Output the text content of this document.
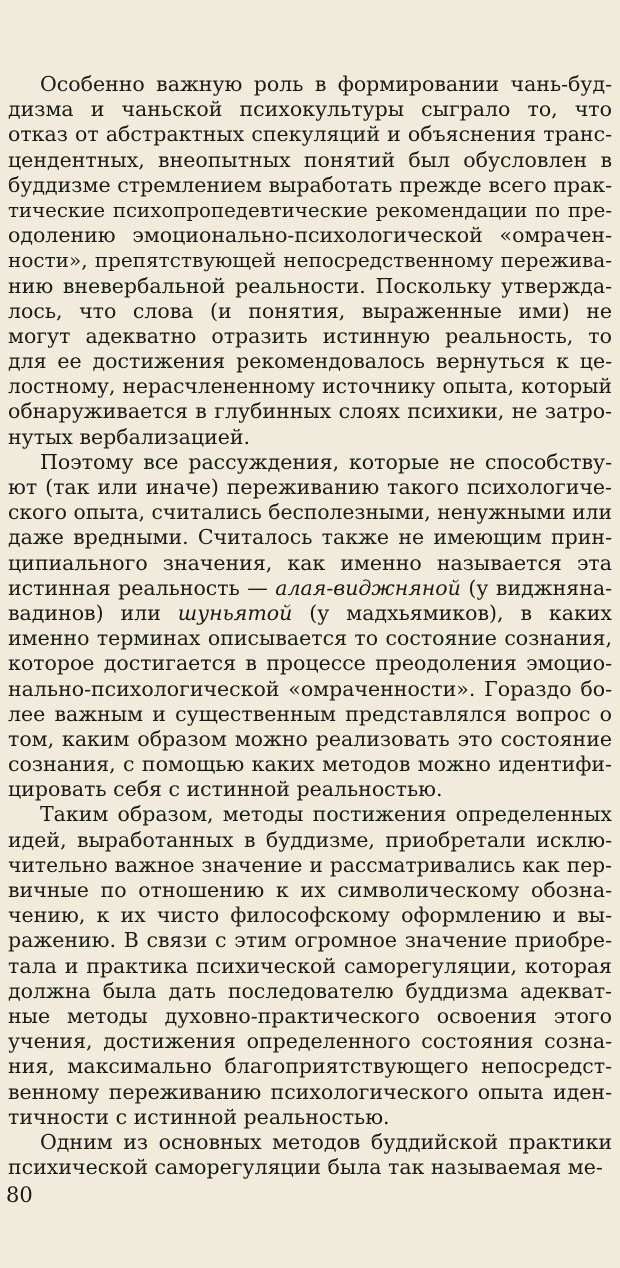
Особенно важную роль в формировании чань-буд-
дизма и чаньской психокультуры сыграло то, что
отказ от абстрактных спекуляций и объяснения транс-
цендентных, внеопытных понятий был обусловлен в
буддизме стремлением выработать прежде всего прак-
тические психопропедевтические рекомендации по пре-
одолению эмоционально-психологической «омрачен-
ности», препятствующей непосредственному пережива-
нию вневербальной реальности. Поскольку утвержда-
лось, что слова (и понятия, выраженные ими) не
могут адекватно отразить истинную реальность, то
для ее достижения рекомендовалось вернуться к це-
лостному, нерасчлененному источнику опыта, который
обнаруживается в глубинных слоях психики, не затро-
нутых вербализацией.
Поэтому все рассуждения, которые не способству-
ют (так или иначе) переживанию такого психологиче-
ского опыта, считались бесполезными, ненужными или
даже вредными. Считалось также не имеющим прин-
ципиального значения, как именно называется эта
истинная реальность — алая-виджняной (у виджняна-
вадинов) или шуньятой (у мадхьямиков), в каких
именно терминах описывается то состояние сознания,
которое достигается в процессе преодоления эмоцио-
нально-психологической «омраченности». Гораздо бо-
лее важным и существенным представлялся вопрос о
том, каким образом можно реализовать это состояние
сознания, с помощью каких методов можно идентифи-
цировать себя с истинной реальностью.
Таким образом, методы постижения определенных
идей, выработанных в буддизме, приобретали исклю-
чительно важное значение и рассматривались как пер-
вичные по отношению к их символическому обозна-
чению, к их чисто философскому оформлению и вы-
ражению. В связи с этим огромное значение приобре-
тала и практика психической саморегуляции, которая
должна была дать последователю буддизма адекват-
ные методы духовно-практического освоения этого
учения, достижения определенного состояния созна-
ния, максимально благоприятствующего непосредст-
венному переживанию психологического опыта иден-
тичности с истинной реальностью.
Одним из основных методов буддийской практики
психической саморегуляции была так называемая ме-
80
